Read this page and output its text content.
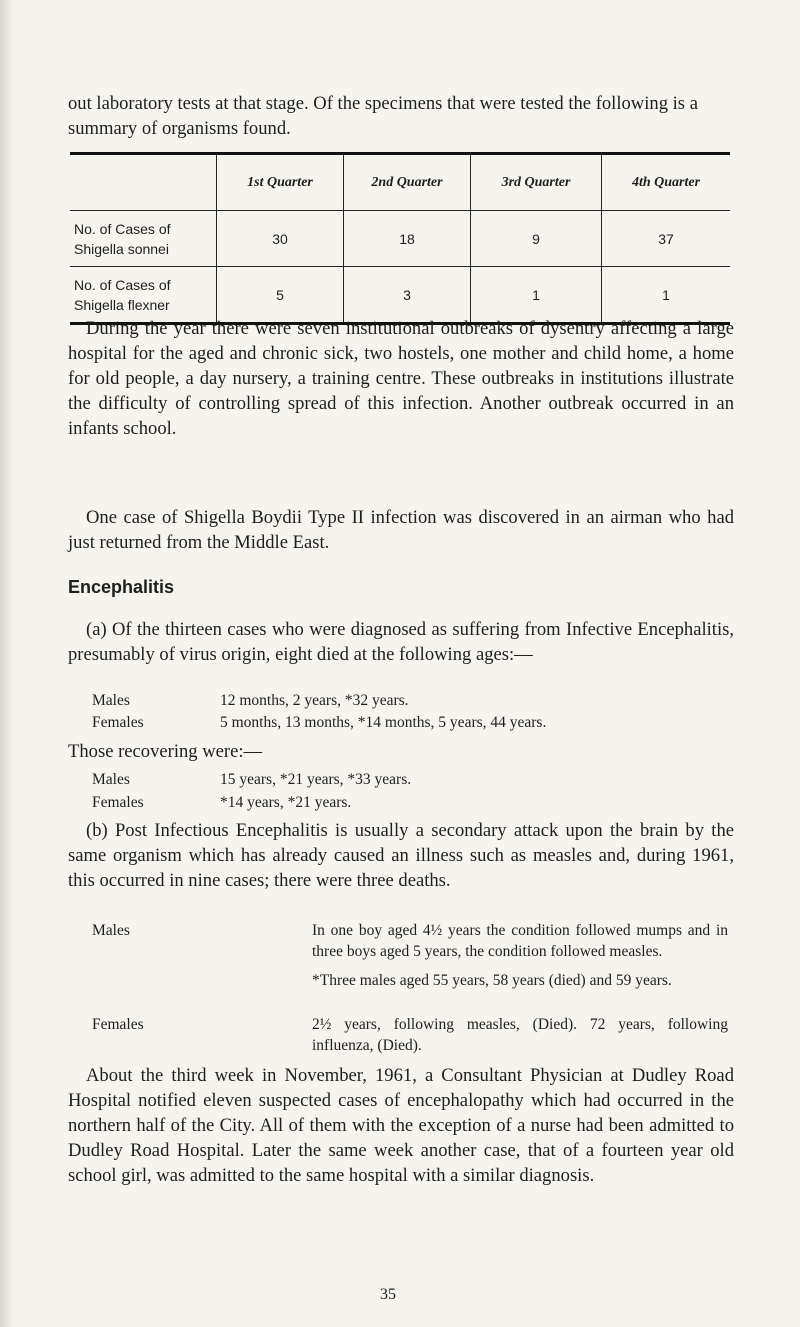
out laboratory tests at that stage. Of the specimens that were tested the following is a summary of organisms found.

	1st Quarter	2nd Quarter	3rd Quarter	4th Quarter
No. of Cases of
Shigella sonnei	30	18	9	37
No. of Cases of
Shigella flexner	5	3	1	1

During the year there were seven institutional outbreaks of dysentry affecting a large hospital for the aged and chronic sick, two hostels, one mother and child home, a home for old people, a day nursery, a training centre. These outbreaks in institutions illustrate the difficulty of controlling spread of this infection. Another outbreak occurred in an infants school.

One case of Shigella Boydii Type II infection was discovered in an airman who had just returned from the Middle East.

Encephalitis

(a) Of the thirteen cases who were diagnosed as suffering from Infective Encephalitis, presumably of virus origin, eight died at the following ages:—

Males	12 months, 2 years, *32 years.
Females	5 months, 13 months, *14 months, 5 years, 44 years.

Those recovering were:—

Males	15 years, *21 years, *33 years.
Females	*14 years, *21 years.

(b) Post Infectious Encephalitis is usually a secondary attack upon the brain by the same organism which has already caused an illness such as measles and, during 1961, this occurred in nine cases; there were three deaths.

Males	In one boy aged 4½ years the condition followed mumps and in three boys aged 5 years, the condition followed measles.
*Three males aged 55 years, 58 years (died) and 59 years.
Females	2½ years, following measles, (Died). 72 years, following influenza, (Died).

About the third week in November, 1961, a Consultant Physician at Dudley Road Hospital notified eleven suspected cases of encephalopathy which had occurred in the northern half of the City. All of them with the exception of a nurse had been admitted to Dudley Road Hospital. Later the same week another case, that of a fourteen year old school girl, was admitted to the same hospital with a similar diagnosis.

35
